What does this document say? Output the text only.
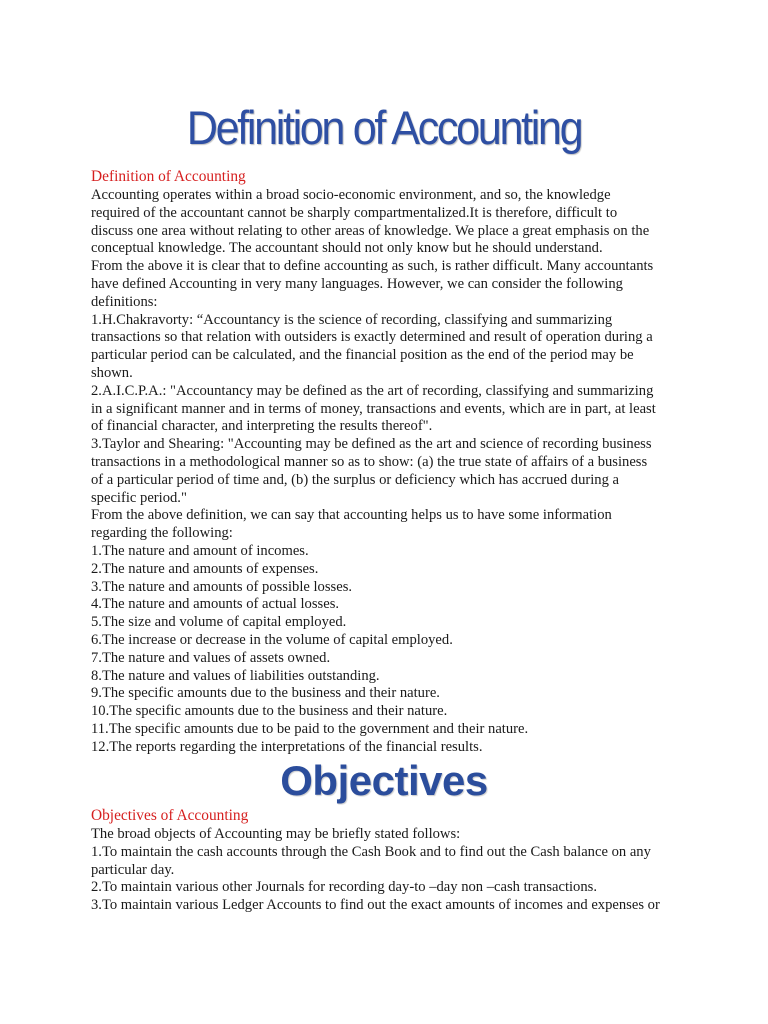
Definition of Accounting
Definition of Accounting
Accounting operates within a broad socio-economic environment, and so, the knowledge
required of the accountant cannot be sharply compartmentalized.It is therefore, difficult to
discuss one area without relating to other areas of knowledge. We place a great emphasis on the
conceptual knowledge. The accountant should not only know but he should understand.
From the above it is clear that to define accounting as such, is rather difficult. Many accountants
have defined Accounting in very many languages. However, we can consider the following
definitions:
1.H.Chakravorty: “Accountancy is the science of recording, classifying and summarizing
transactions so that relation with outsiders is exactly determined and result of operation during a
particular period can be calculated, and the financial position as the end of the period may be
shown.
2.A.I.C.P.A.: "Accountancy may be defined as the art of recording, classifying and summarizing
in a significant manner and in terms of money, transactions and events, which are in part, at least
of financial character, and interpreting the results thereof".
3.Taylor and Shearing: "Accounting may be defined as the art and science of recording business
transactions in a methodological manner so as to show: (a) the true state of affairs of a business
of a particular period of time and, (b) the surplus or deficiency which has accrued during a
specific period."
From the above definition, we can say that accounting helps us to have some information
regarding the following:
1.The nature and amount of incomes.
2.The nature and amounts of expenses.
3.The nature and amounts of possible losses.
4.The nature and amounts of actual losses.
5.The size and volume of capital employed.
6.The increase or decrease in the volume of capital employed.
7.The nature and values of assets owned.
8.The nature and values of liabilities outstanding.
9.The specific amounts due to the business and their nature.
10.The specific amounts due to the business and their nature.
11.The specific amounts due to be paid to the government and their nature.
12.The reports regarding the interpretations of the financial results.
Objectives
Objectives of Accounting
The broad objects of Accounting may be briefly stated follows:
1.To maintain the cash accounts through the Cash Book and to find out the Cash balance on any
particular day.
2.To maintain various other Journals for recording day-to –day non –cash transactions.
3.To maintain various Ledger Accounts to find out the exact amounts of incomes and expenses or
